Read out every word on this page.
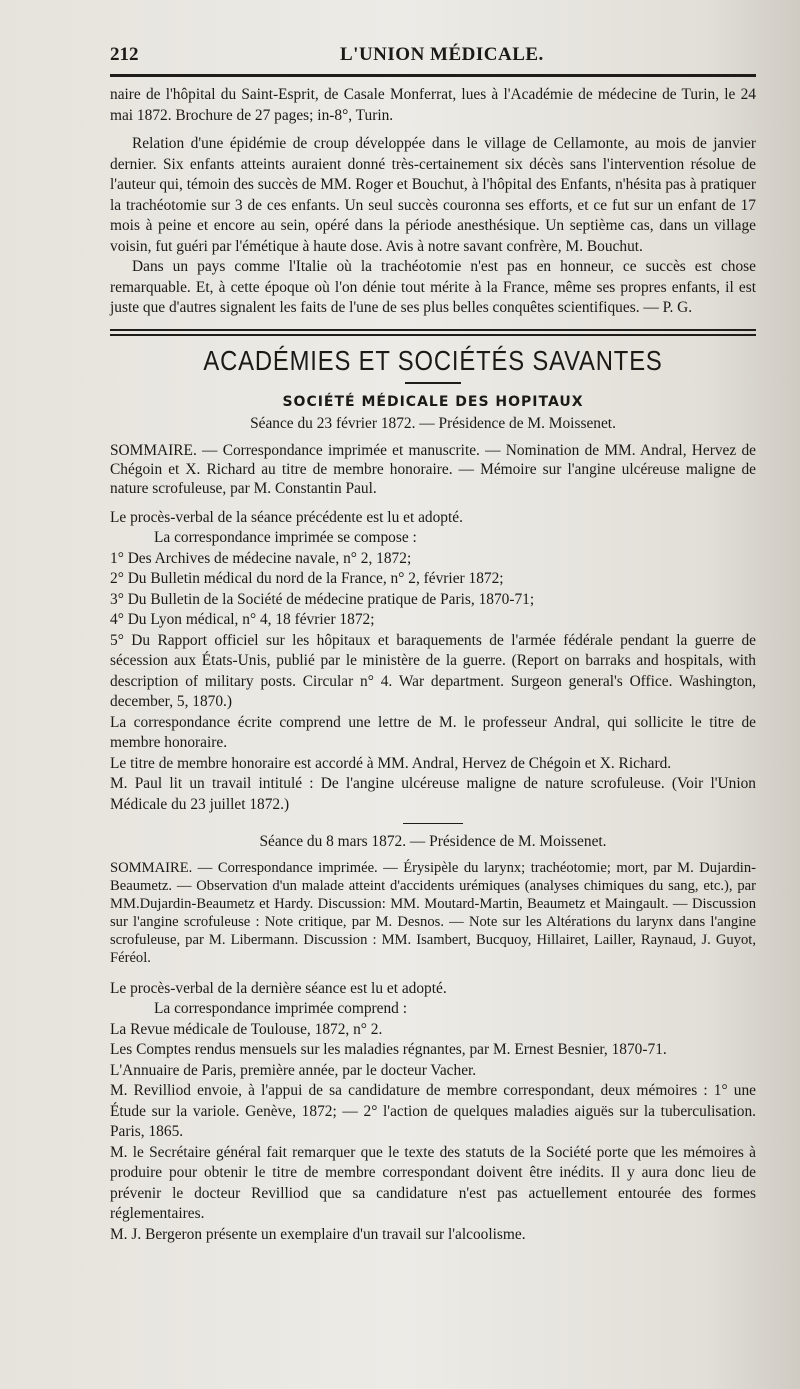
212	L'UNION MÉDICALE.

naire de l'hôpital du Saint-Esprit, de Casale Monferrat, lues à l'Académie de médecine de Turin, le 24 mai 1872. Brochure de 27 pages; in-8°, Turin.

Relation d'une épidémie de croup développée dans le village de Cellamonte, au mois de janvier dernier. Six enfants atteints auraient donné très-certainement six décès sans l'intervention résolue de l'auteur qui, témoin des succès de MM. Roger et Bouchut, à l'hôpital des Enfants, n'hésita pas à pratiquer la trachéotomie sur 3 de ces enfants. Un seul succès couronna ses efforts, et ce fut sur un enfant de 17 mois à peine et encore au sein, opéré dans la période anesthésique. Un septième cas, dans un village voisin, fut guéri par l'émétique à haute dose. Avis à notre savant confrère, M. Bouchut.

Dans un pays comme l'Italie où la trachéotomie n'est pas en honneur, ce succès est chose remarquable. Et, à cette époque où l'on dénie tout mérite à la France, même ses propres enfants, il est juste que d'autres signalent les faits de l'une de ses plus belles conquêtes scientifiques. — P. G.

ACADÉMIES ET SOCIÉTÉS SAVANTES
SOCIÉTÉ MÉDICALE DES HOPITAUX
Séance du 23 février 1872. — Présidence de M. Moissenet.

SOMMAIRE. — Correspondance imprimée et manuscrite. — Nomination de MM. Andral, Hervez de Chégoin et X. Richard au titre de membre honoraire. — Mémoire sur l'angine ulcéreuse maligne de nature scrofuleuse, par M. Constantin Paul.

Le procès-verbal de la séance précédente est lu et adopté.

La correspondance imprimée se compose :

1° Des Archives de médecine navale, n° 2, 1872;

2° Du Bulletin médical du nord de la France, n° 2, février 1872;

3° Du Bulletin de la Société de médecine pratique de Paris, 1870-71;

4° Du Lyon médical, n° 4, 18 février 1872;

5° Du Rapport officiel sur les hôpitaux et baraquements de l'armée fédérale pendant la guerre de sécession aux États-Unis, publié par le ministère de la guerre. (Report on barraks and hospitals, with description of military posts. Circular n° 4. War department. Surgeon general's Office. Washington, december, 5, 1870.)

La correspondance écrite comprend une lettre de M. le professeur Andral, qui sollicite le titre de membre honoraire.

Le titre de membre honoraire est accordé à MM. Andral, Hervez de Chégoin et X. Richard.

M. Paul lit un travail intitulé : De l'angine ulcéreuse maligne de nature scrofuleuse. (Voir l'Union Médicale du 23 juillet 1872.)

Séance du 8 mars 1872. — Présidence de M. Moissenet.

SOMMAIRE. — Correspondance imprimée. — Érysipèle du larynx; trachéotomie; mort, par M. Dujardin-Beaumetz. — Observation d'un malade atteint d'accidents urémiques (analyses chimiques du sang, etc.), par MM.Dujardin-Beaumetz et Hardy. Discussion: MM. Moutard-Martin, Beaumetz et Maingault. — Discussion sur l'angine scrofuleuse : Note critique, par M. Desnos. — Note sur les Altérations du larynx dans l'angine scrofuleuse, par M. Libermann. Discussion : MM. Isambert, Bucquoy, Hillairet, Lailler, Raynaud, J. Guyot, Féréol.

Le procès-verbal de la dernière séance est lu et adopté.

La correspondance imprimée comprend :

La Revue médicale de Toulouse, 1872, n° 2.

Les Comptes rendus mensuels sur les maladies régnantes, par M. Ernest Besnier, 1870-71.

L'Annuaire de Paris, première année, par le docteur Vacher.

M. Revilliod envoie, à l'appui de sa candidature de membre correspondant, deux mémoires : 1° une Étude sur la variole. Genève, 1872; — 2° l'action de quelques maladies aiguës sur la tuberculisation. Paris, 1865.

M. le Secrétaire général fait remarquer que le texte des statuts de la Société porte que les mémoires à produire pour obtenir le titre de membre correspondant doivent être inédits. Il y aura donc lieu de prévenir le docteur Revilliod que sa candidature n'est pas actuellement entourée des formes réglementaires.

M. J. Bergeron présente un exemplaire d'un travail sur l'alcoolisme.
